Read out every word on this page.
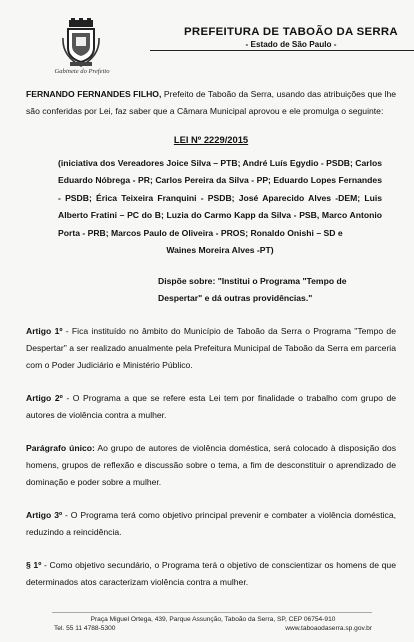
Gabinete do Prefeito
PREFEITURA DE TABOÃO DA SERRA
- Estado de São Paulo -

FERNANDO FERNANDES FILHO, Prefeito de Taboão da Serra, usando das atribuições que lhe são conferidas por Lei, faz saber que a Câmara Municipal aprovou e ele promulga o seguinte:

LEI Nº 2229/2015
(iniciativa dos Vereadores Joice Silva – PTB; André Luís Egydio - PSDB; Carlos Eduardo Nóbrega - PR; Carlos Pereira da Silva - PP; Eduardo Lopes Fernandes - PSDB; Érica Teixeira Franquini - PSDB; José Aparecido Alves -DEM; Luis Alberto Fratini – PC do B; Luzia do Carmo Kapp da Silva - PSB, Marco Antonio Porta - PRB; Marcos Paulo de Oliveira - PROS; Ronaldo Onishi – SD e
Waines Moreira Alves -PT)
Dispõe sobre: "Institui o Programa "Tempo de Despertar" e dá outras providências."

Artigo 1º - Fica instituído no âmbito do Município de Taboão da Serra o Programa "Tempo de Despertar" a ser realizado anualmente pela Prefeitura Municipal de Taboão da Serra em parceria com o Poder Judiciário e Ministério Público.

Artigo 2º - O Programa a que se refere esta Lei tem por finalidade o trabalho com grupo de autores de violência contra a mulher.

Parágrafo único: Ao grupo de autores de violência doméstica, será colocado à disposição dos homens, grupos de reflexão e discussão sobre o tema, a fim de desconstituir o aprendizado de dominação e poder sobre a mulher.

Artigo 3º - O Programa terá como objetivo principal prevenir e combater a violência doméstica, reduzindo a reincidência.

§ 1º - Como objetivo secundário, o Programa terá o objetivo de conscientizar os homens de que determinados atos caracterizam violência contra a mulher.

Praça Miguel Ortega, 439, Parque Assunção, Taboão da Serra, SP, CEP 06754-910
Tel. 55 11 4788-5300	www.taboaodaserra.sp.gov.br
